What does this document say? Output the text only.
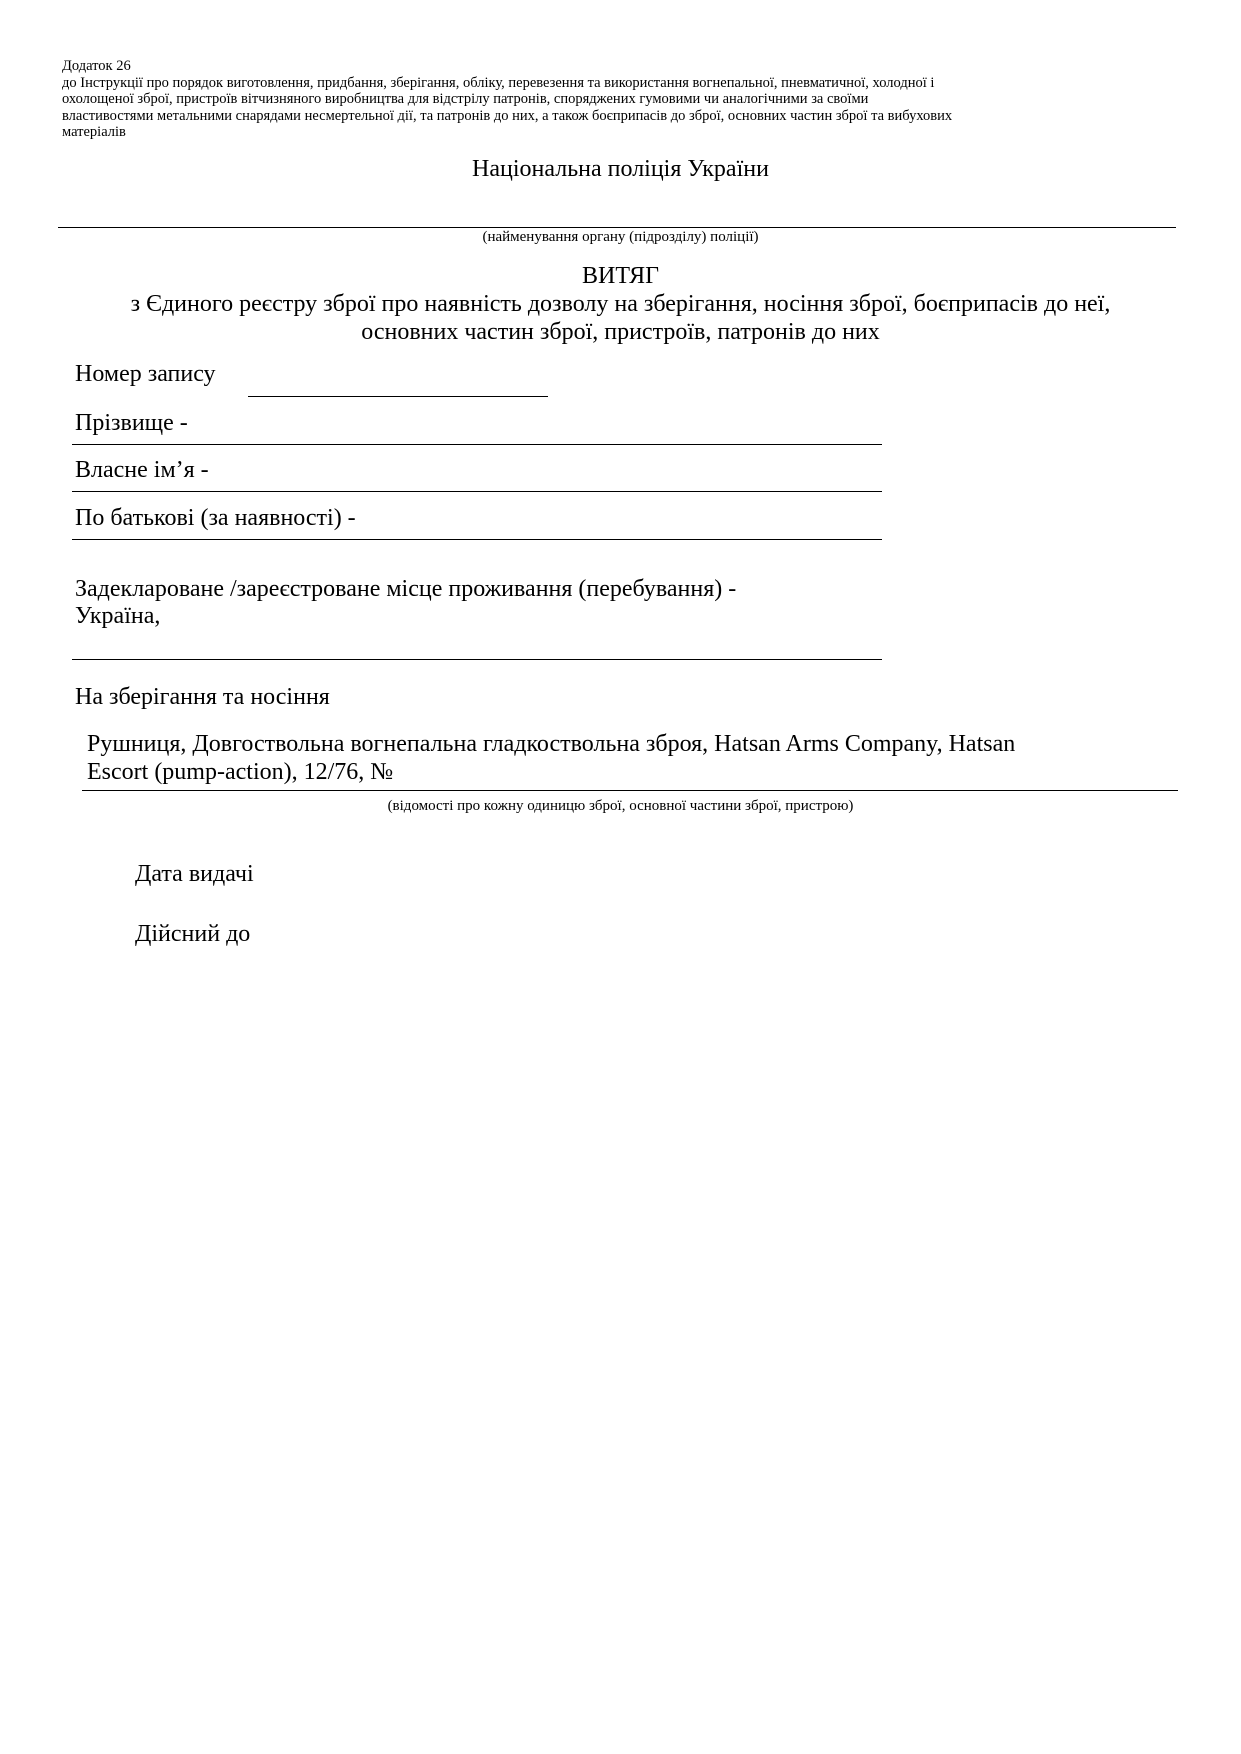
Додаток 26
до Інструкції про порядок виготовлення, придбання, зберігання, обліку, перевезення та використання вогнепальної, пневматичної, холодної і
охолощеної зброї, пристроїв вітчизняного виробництва для відстрілу патронів, споряджених гумовими чи аналогічними за своїми
властивостями метальними снарядами несмертельної дії, та патронів до них, а також боєприпасів до зброї, основних частин зброї та вибухових
матеріалів
Національна поліція України
(найменування органу (підрозділу) поліції)
ВИТЯГ
з Єдиного реєстру зброї про наявність дозволу на зберігання, носіння зброї, боєприпасів до неї,
основних частин зброї, пристроїв, патронів до них
Номер запису
Прізвище -
Власне ім’я -
По батькові (за наявності) -
Задекларованe /зареєстроване місце проживання (перебування) -
Україна,
На зберігання та носіння
Рушниця, Довгоствольна вогнепальна гладкоствольна зброя, Hatsan Arms Company, Hatsan
Escort (pump-action), 12/76, №
(відомості про кожну одиницю зброї, основної частини зброї, пристрою)
Дата видачі
Дійсний до
